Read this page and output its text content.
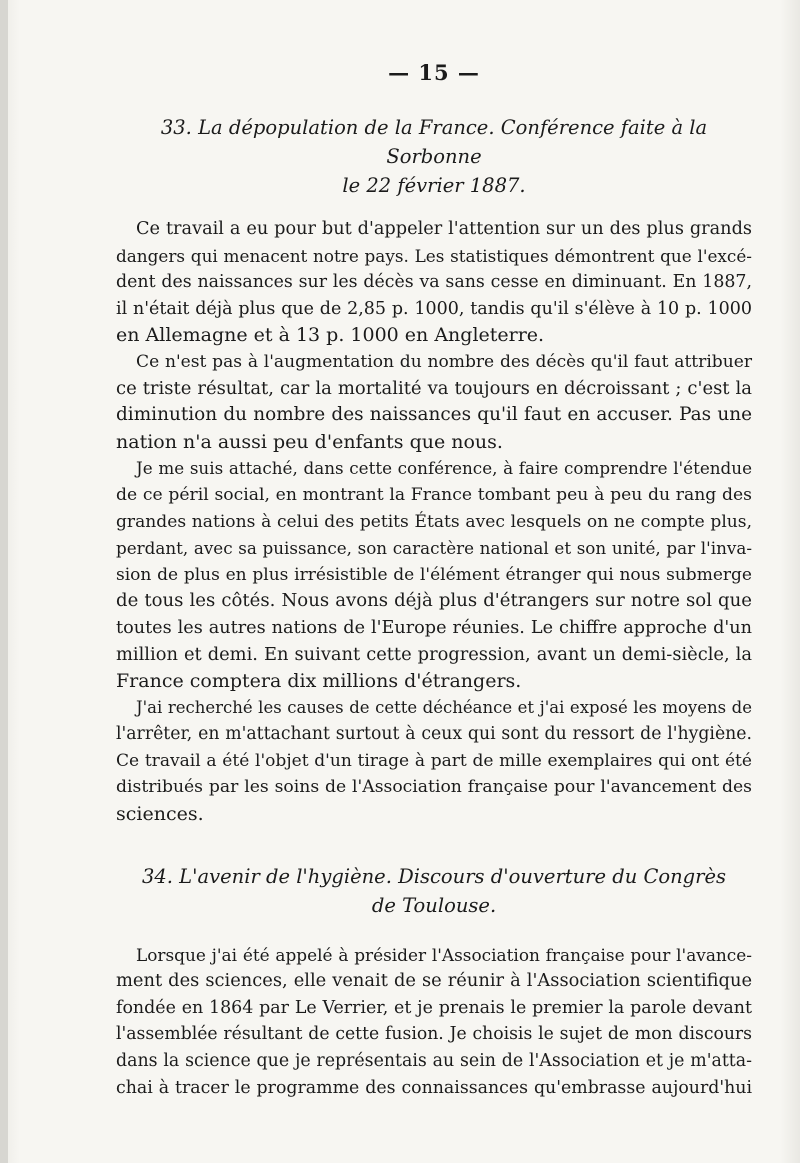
— 15 —
33. La dépopulation de la France. Conférence faite à la Sorbonne
le 22 février 1887.

Ce travail a eu pour but d'appeler l'attention sur un des plus grands
dangers qui menacent notre pays. Les statistiques démontrent que l'excé-
dent des naissances sur les décès va sans cesse en diminuant. En 1887,
il n'était déjà plus que de 2,85 p. 1000, tandis qu'il s'élève à 10 p. 1000
en Allemagne et à 13 p. 1000 en Angleterre.

Ce n'est pas à l'augmentation du nombre des décès qu'il faut attribuer
ce triste résultat, car la mortalité va toujours en décroissant ; c'est la
diminution du nombre des naissances qu'il faut en accuser. Pas une
nation n'a aussi peu d'enfants que nous.

Je me suis attaché, dans cette conférence, à faire comprendre l'étendue
de ce péril social, en montrant la France tombant peu à peu du rang des
grandes nations à celui des petits États avec lesquels on ne compte plus,
perdant, avec sa puissance, son caractère national et son unité, par l'inva-
sion de plus en plus irrésistible de l'élément étranger qui nous submerge
de tous les côtés. Nous avons déjà plus d'étrangers sur notre sol que
toutes les autres nations de l'Europe réunies. Le chiffre approche d'un
million et demi. En suivant cette progression, avant un demi-siècle, la
France comptera dix millions d'étrangers.

J'ai recherché les causes de cette déchéance et j'ai exposé les moyens de
l'arrêter, en m'attachant surtout à ceux qui sont du ressort de l'hygiène.
Ce travail a été l'objet d'un tirage à part de mille exemplaires qui ont été
distribués par les soins de l'Association française pour l'avancement des
sciences.

34. L'avenir de l'hygiène. Discours d'ouverture du Congrès
de Toulouse.

Lorsque j'ai été appelé à présider l'Association française pour l'avance-
ment des sciences, elle venait de se réunir à l'Association scientifique
fondée en 1864 par Le Verrier, et je prenais le premier la parole devant
l'assemblée résultant de cette fusion. Je choisis le sujet de mon discours
dans la science que je représentais au sein de l'Association et je m'atta-
chai à tracer le programme des connaissances qu'embrasse aujourd'hui
